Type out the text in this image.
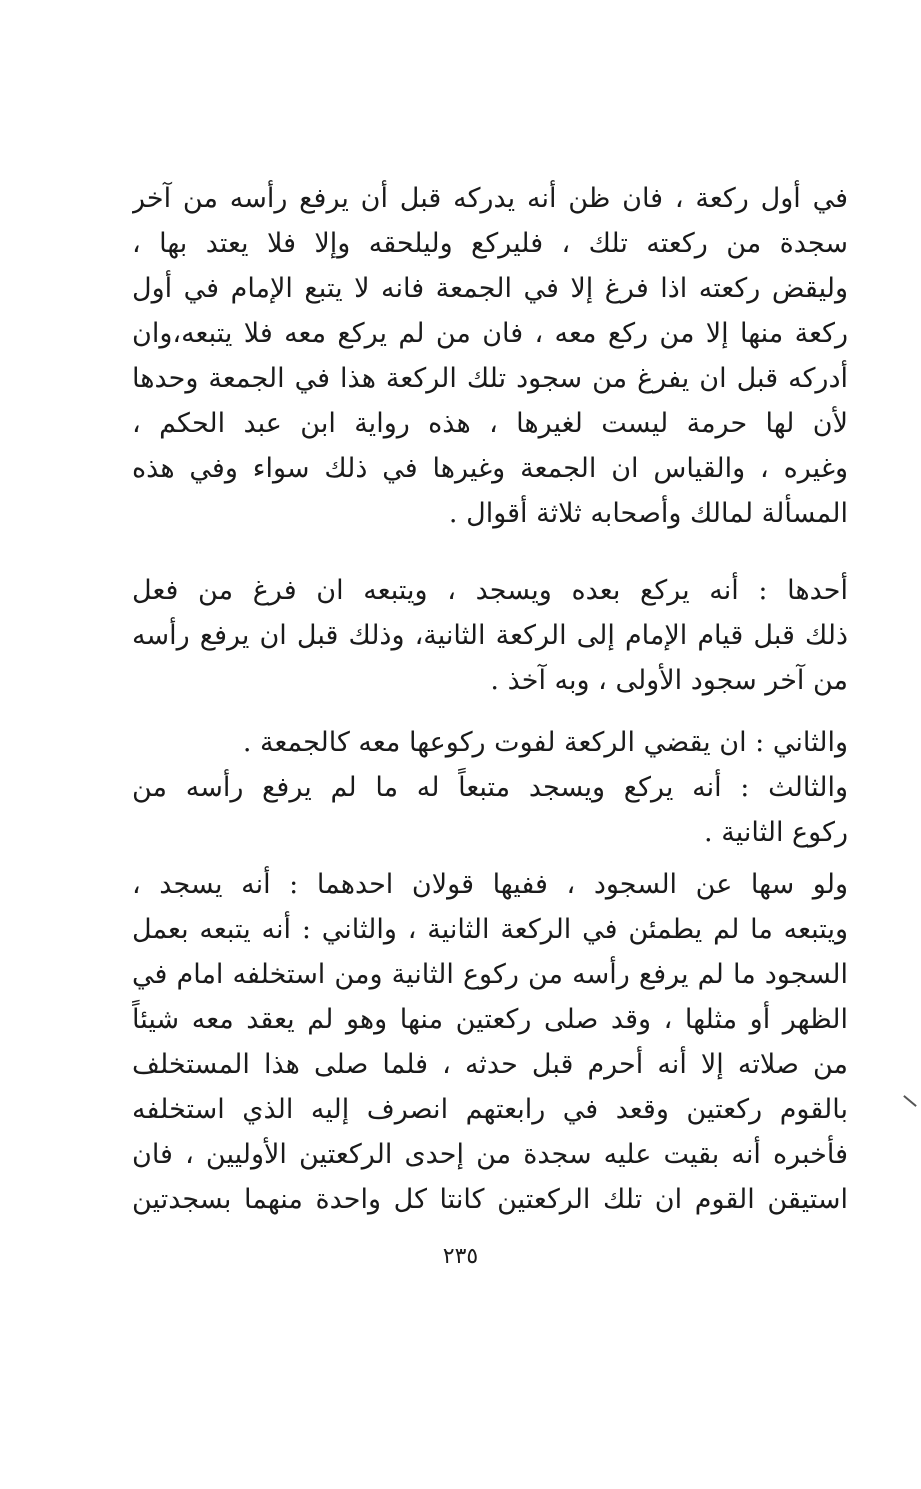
في أول ركعة ، فان ظن أنه يدركه قبل أن يرفع رأسه من آخر
سجدة من ركعته تلك ، فليركع وليلحقه وإلا فلا يعتد بها ،
وليقض ركعته اذا فرغ إلا في الجمعة فانه لا يتبع الإمام في أول
ركعة منها إلا من ركع معه ، فان من لم يركع معه فلا يتبعه،وان
أدركه قبل ان يفرغ من سجود تلك الركعة هذا في الجمعة وحدها
لأن لها حرمة ليست لغيرها ، هذه رواية ابن عبد الحكم ،
وغيره ، والقياس ان الجمعة وغيرها في ذلك سواء وفي هذه
المسألة لمالك وأصحابه ثلاثة أقوال .
أحدها : أنه يركع بعده ويسجد ، ويتبعه ان فرغ من فعل
ذلك قبل قيام الإمام إلى الركعة الثانية، وذلك قبل ان يرفع رأسه
من آخر سجود الأولى ، وبه آخذ .
والثاني : ان يقضي الركعة لفوت ركوعها معه كالجمعة .
والثالث : أنه يركع ويسجد متبعاً له ما لم يرفع رأسه من
ركوع الثانية .
ولو سها عن السجود ، ففيها قولان احدهما : أنه يسجد ،
ويتبعه ما لم يطمئن في الركعة الثانية ، والثاني : أنه يتبعه بعمل
السجود ما لم يرفع رأسه من ركوع الثانية ومن استخلفه امام في
الظهر أو مثلها ، وقد صلى ركعتين منها وهو لم يعقد معه شيئاً
من صلاته إلا أنه أحرم قبل حدثه ، فلما صلى هذا المستخلف
بالقوم ركعتين وقعد في رابعتهم انصرف إليه الذي استخلفه
فأخبره أنه بقيت عليه سجدة من إحدى الركعتين الأوليين ، فان
استيقن القوم ان تلك الركعتين كانتا كل واحدة منهما بسجدتين
٢٣٥
